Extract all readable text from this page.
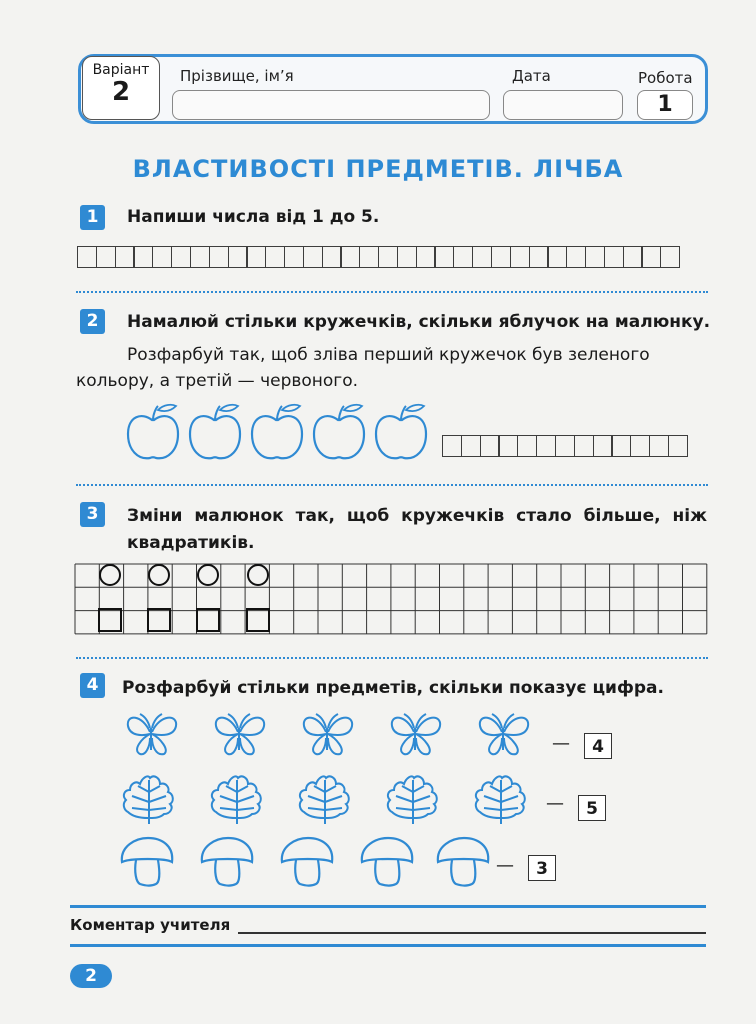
Варіант
2
Прізвище, ім’я	Дата	Робота
1
ВЛАСТИВОСТІ ПРЕДМЕТІВ. ЛІЧБА
1	Напиши числа від 1 до 5.
2	Намалюй стільки кружечків, скільки яблучок на малюнку.
Розфарбуй так, щоб зліва перший кружечок був зеленого
кольору, а третій — червоного.
3	Зміни малюнок так, щоб кружечків стало більше, ніж
квадратиків.
4	Розфарбуй стільки предметів, скільки показує цифра.
—	4
—	5
—	3
Коментар учителя
2
